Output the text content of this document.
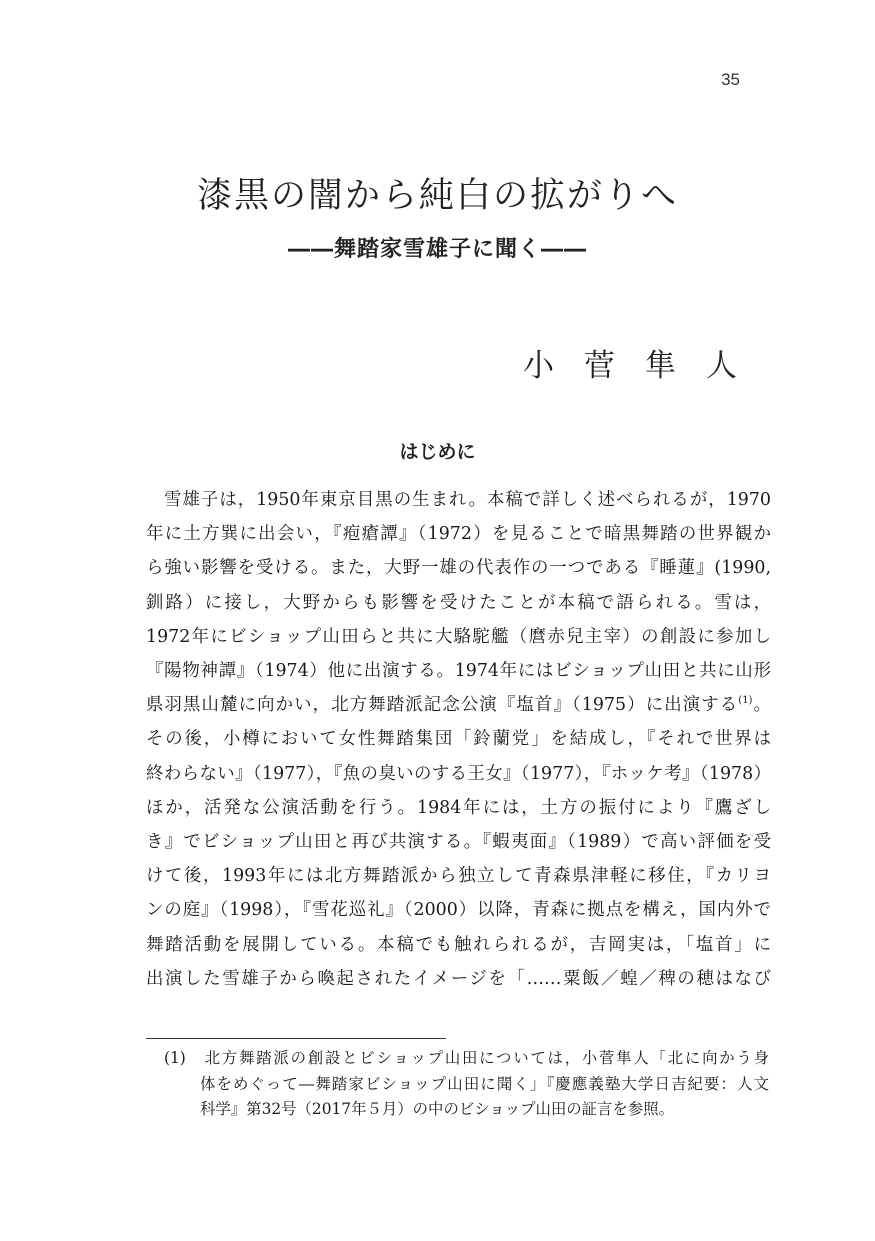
35
漆黒の闇から純白の拡がりへ
――舞踏家雪雄子に聞く――
小菅隼人
はじめに
雪雄子は，1950年東京目黒の生まれ。本稿で詳しく述べられるが，1970
年に土方巽に出会い，『疱瘡譚』（1972）を見ることで暗黒舞踏の世界観か
ら強い影響を受ける。また，大野一雄の代表作の一つである『睡蓮』(1990,
釧路）に接し，大野からも影響を受けたことが本稿で語られる。雪は，
1972年にビショップ山田らと共に大駱駝艦（麿赤兒主宰）の創設に参加し
『陽物神譚』（1974）他に出演する。1974年にはビショップ山田と共に山形
県羽黒山麓に向かい，北方舞踏派記念公演『塩首』（1975）に出演する$^{(1)}$。
その後，小樽において女性舞踏集団「鈴蘭党」を結成し，『それで世界は
終わらない』（1977），『魚の臭いのする王女』（1977），『ホッケ考』（1978）
ほか，活発な公演活動を行う。1984年には，土方の振付により『鷹ざし
き』でビショップ山田と再び共演する。『蝦夷面』（1989）で高い評価を受
けて後，1993年には北方舞踏派から独立して青森県津軽に移住，『カリヨ
ンの庭』（1998），『雪花巡礼』（2000）以降，青森に拠点を構え，国内外で
舞踏活動を展開している。本稿でも触れられるが，吉岡実は，「塩首」に
出演した雪雄子から喚起されたイメージを「……粟飯／蝗／稗の穂はなび
(1)　 北方舞踏派の創設とビショップ山田については，小菅隼人「北に向かう身
体をめぐって―舞踏家ビショップ山田に聞く」『慶應義塾大学日吉紀要：人文
科学』第32号（2017年５月）の中のビショップ山田の証言を参照。
